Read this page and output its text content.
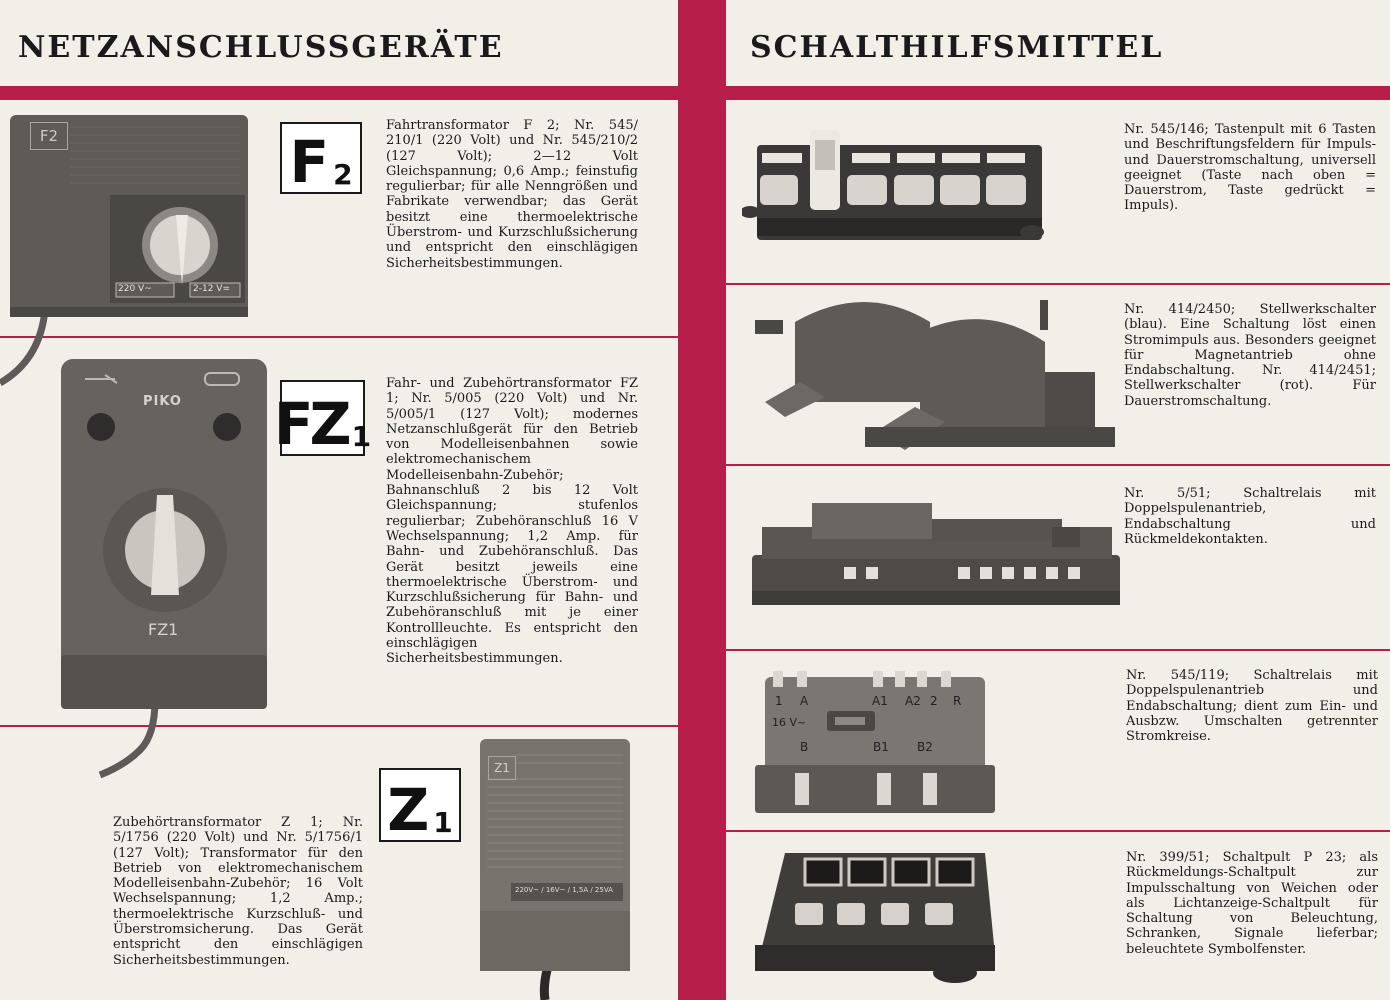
NETZANSCHLUSSGERÄTE	SCHALTHILFSMITTEL
F2
220 V~	2-12 V=
F 2
Fahrtransformator F 2; Nr. 545/ 210/1 (220 Volt) und Nr. 545/210/2 (127 Volt); 2—12 Volt Gleichspannung; 0,6 Amp.; feinstufig regulierbar; für alle Nenngrößen und Fabrikate verwendbar; das Gerät besitzt eine thermoelektrische Überstrom- und Kurzschlußsicherung und entspricht den einschlägigen Sicherheitsbestimmungen.
PIKO
FZ1
FZ 1
Fahr- und Zubehörtransformator FZ 1; Nr. 5/005 (220 Volt) und Nr. 5/005/1 (127 Volt); modernes Netzanschlußgerät für den Betrieb von Modelleisenbahnen sowie elektromechanischem Modelleisenbahn-Zubehör; Bahnanschluß 2 bis 12 Volt Gleichspannung; stufenlos regulierbar; Zubehöranschluß 16 V Wechselspannung; 1,2 Amp. für Bahn- und Zubehöranschluß. Das Gerät besitzt jeweils eine thermoelektrische Überstrom- und Kurzschlußsicherung für Bahn- und Zubehöranschluß mit je einer Kontrollleuchte. Es entspricht den einschlägigen Sicherheitsbestimmungen.
Z 1
Zubehörtransformator Z 1; Nr. 5/1756 (220 Volt) und Nr. 5/1756/1 (127 Volt); Transformator für den Betrieb von elektromechanischem Modelleisenbahn-Zubehör; 16 Volt Wechselspannung; 1,2 Amp.; thermoelektrische Kurzschluß- und Überstromsicherung. Das Gerät entspricht den einschlägigen Sicherheitsbestimmungen.
Z1
220V~ / 16V~ / 1,5A / 25VA
Nr. 545/146; Tastenpult mit 6 Tasten und Beschriftungsfeldern für Impuls- und Dauerstromschaltung, universell geeignet (Taste nach oben = Dauerstrom, Taste gedrückt = Impuls).
Nr. 414/2450; Stellwerkschalter (blau). Eine Schaltung löst einen Stromimpuls aus. Besonders geeignet für Magnetantrieb ohne Endabschaltung. Nr. 414/2451; Stellwerkschalter (rot). Für Dauerstromschaltung.
Nr. 5/51; Schaltrelais mit Doppelspulenantrieb, Endabschaltung und Rückmeldekontakten.
1 A	A1 A2 2 R
16 V~
B	B1 B2
Nr. 545/119; Schaltrelais mit Doppelspulenantrieb und Endabschaltung; dient zum Ein- und Ausbzw. Umschalten getrennter Stromkreise.
Nr. 399/51; Schaltpult P 23; als Rückmeldungs-Schaltpult zur Impulsschaltung von Weichen oder als Lichtanzeige-Schaltpult für Schaltung von Beleuchtung, Schranken, Signale lieferbar; beleuchtete Symbolfenster.
